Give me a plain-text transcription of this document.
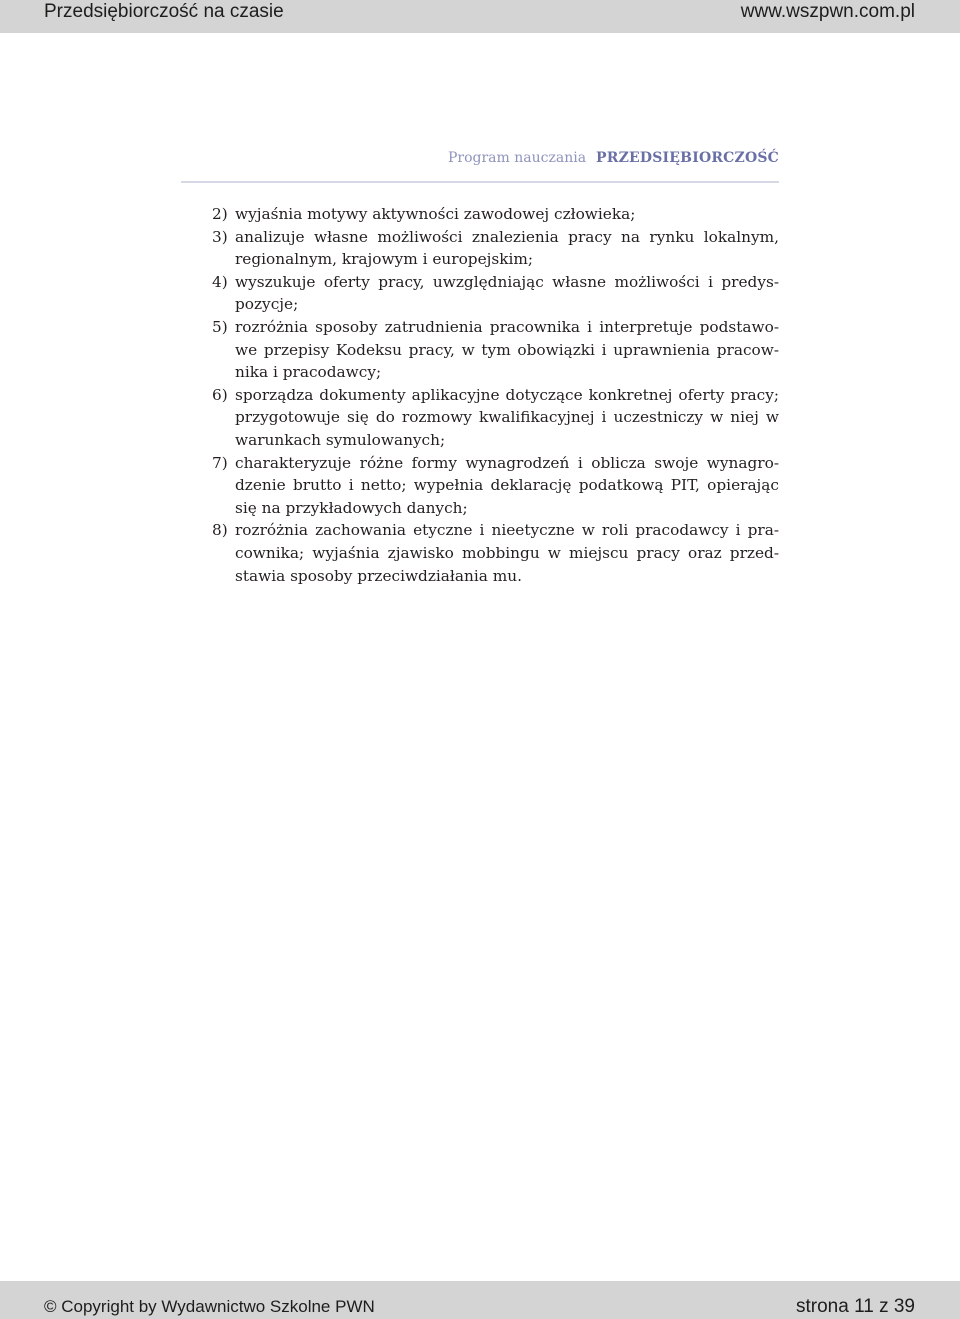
Przedsiębiorczość na czasie	www.wszpwn.com.pl
Program nauczania PRZEDSIĘBIORCZOŚĆ
2) wyjaśnia motywy aktywności zawodowej człowieka;
3) analizuje własne możliwości znalezienia pracy na rynku lokalnym, regionalnym, krajowym i europejskim;
4) wyszukuje oferty pracy, uwzględniając własne możliwości i predyspozycje;
5) rozróżnia sposoby zatrudnienia pracownika i interpretuje podstawowe przepisy Kodeksu pracy, w tym obowiązki i uprawnienia pracownika i pracodawcy;
6) sporządza dokumenty aplikacyjne dotyczące konkretnej oferty pracy; przygotowuje się do rozmowy kwalifikacyjnej i uczestniczy w niej w warunkach symulowanych;
7) charakteryzuje różne formy wynagrodzeń i oblicza swoje wynagrodzenie brutto i netto; wypełnia deklarację podatkową PIT, opierając się na przykładowych danych;
8) rozróżnia zachowania etyczne i nieetyczne w roli pracodawcy i pracownika; wyjaśnia zjawisko mobbingu w miejscu pracy oraz przedstawia sposoby przeciwdziałania mu.
© Copyright by Wydawnictwo Szkolne PWN	strona 11 z 39
